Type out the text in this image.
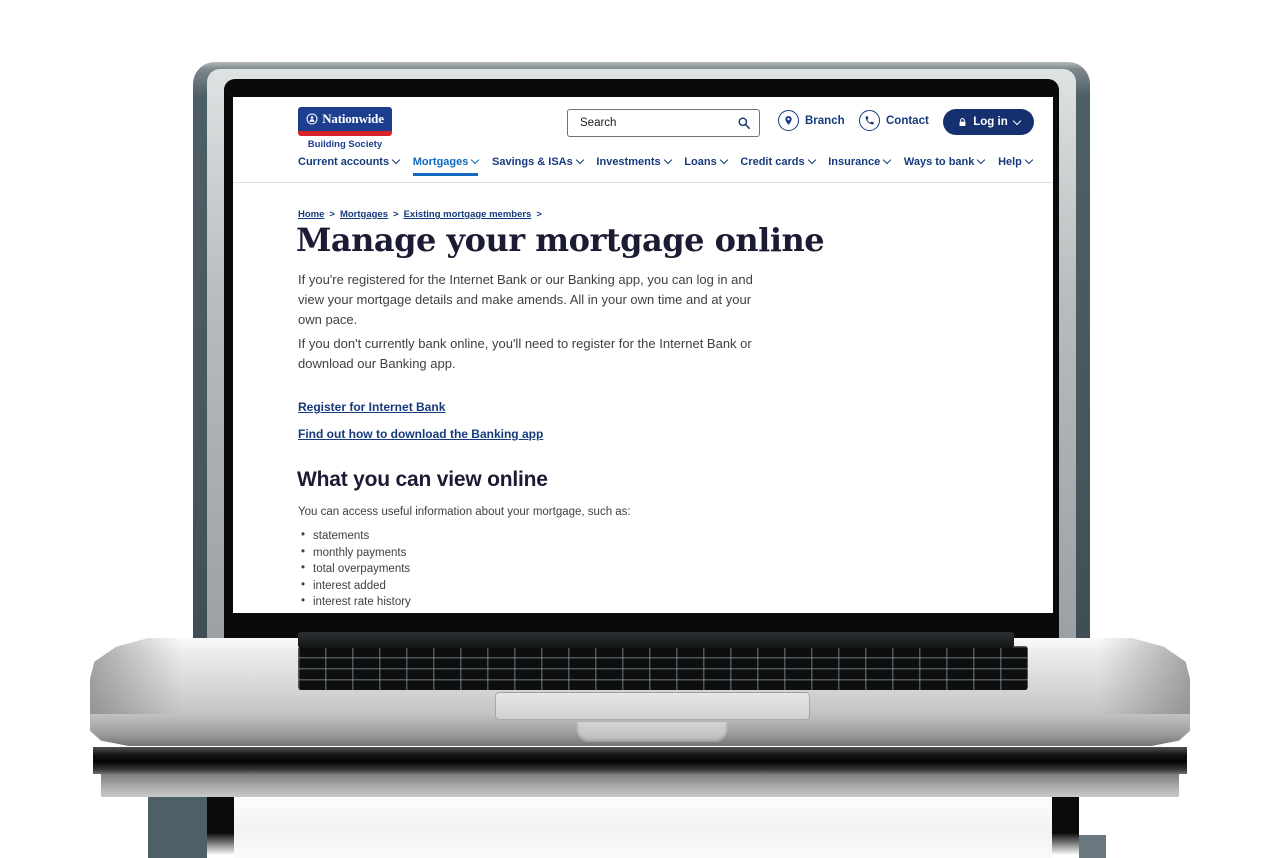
Nationwide
Building Society
Search
Branch	Contact	Log in
Current accounts	Mortgages	Savings & ISAs	Investments	Loans	Credit cards	Insurance	Ways to bank	Help
Home > Mortgages > Existing mortgage members >
Manage your mortgage online
If you're registered for the Internet Bank or our Banking app, you can log in and view your mortgage details and make amends. All in your own time and at your own pace.
If you don't currently bank online, you'll need to register for the Internet Bank or download our Banking app.
Register for Internet Bank
Find out how to download the Banking app
What you can view online
You can access useful information about your mortgage, such as:
• statements
• monthly payments
• total overpayments
• interest added
• interest rate history
